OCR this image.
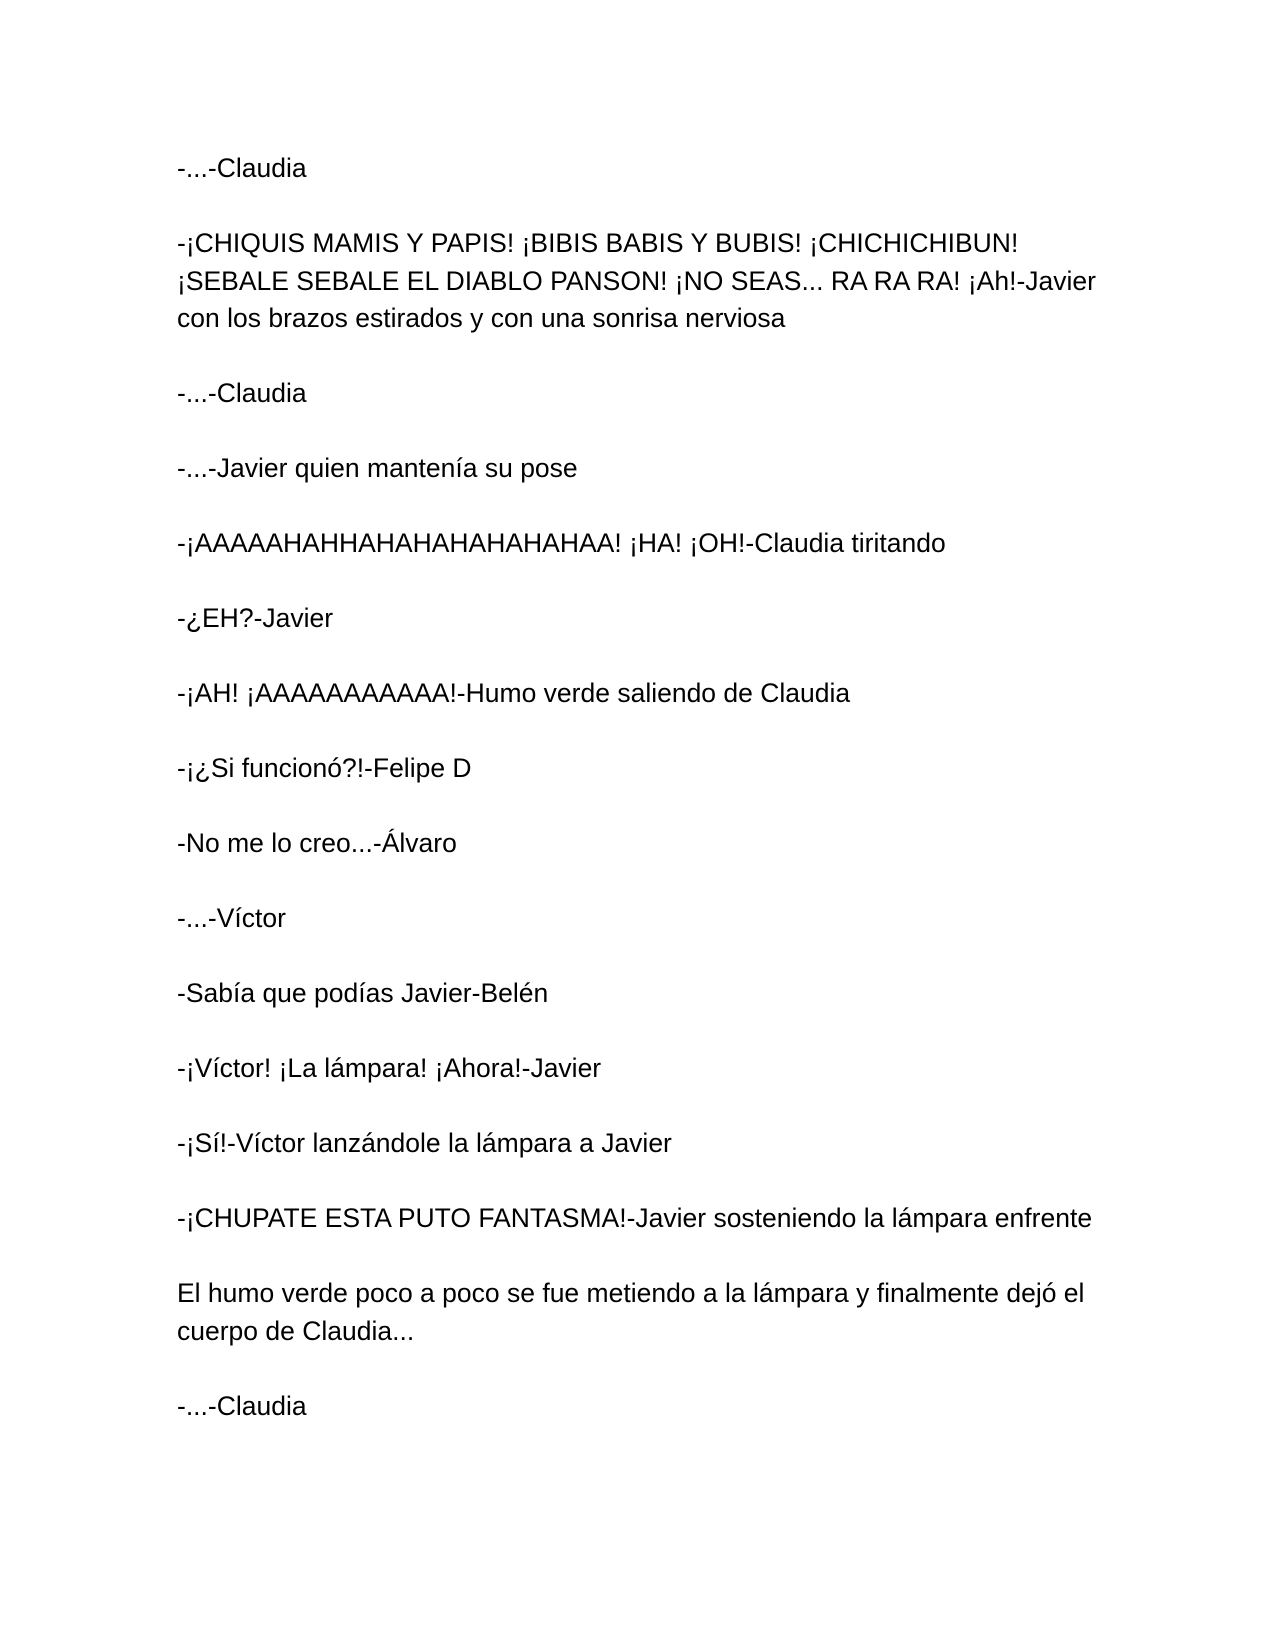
-...-Claudia

-¡CHIQUIS MAMIS Y PAPIS! ¡BIBIS BABIS Y BUBIS! ¡CHICHICHIBUN! ¡SEBALE SEBALE EL DIABLO PANSON! ¡NO SEAS... RA RA RA! ¡Ah!-Javier con los brazos estirados y con una sonrisa nerviosa

-...-Claudia

-...-Javier quien mantenía su pose

-¡AAAAAHAHHAHAHAHAHAHAHAA! ¡HA! ¡OH!-Claudia tiritando

-¿EH?-Javier

-¡AH! ¡AAAAAAAAAAA!-Humo verde saliendo de Claudia

-¡¿Si funcionó?!-Felipe D

-No me lo creo...-Álvaro

-...-Víctor

-Sabía que podías Javier-Belén

-¡Víctor! ¡La lámpara! ¡Ahora!-Javier

-¡Sí!-Víctor lanzándole la lámpara a Javier

-¡CHUPATE ESTA PUTO FANTASMA!-Javier sosteniendo la lámpara enfrente

El humo verde poco a poco se fue metiendo a la lámpara y finalmente dejó el cuerpo de Claudia...

-...-Claudia
